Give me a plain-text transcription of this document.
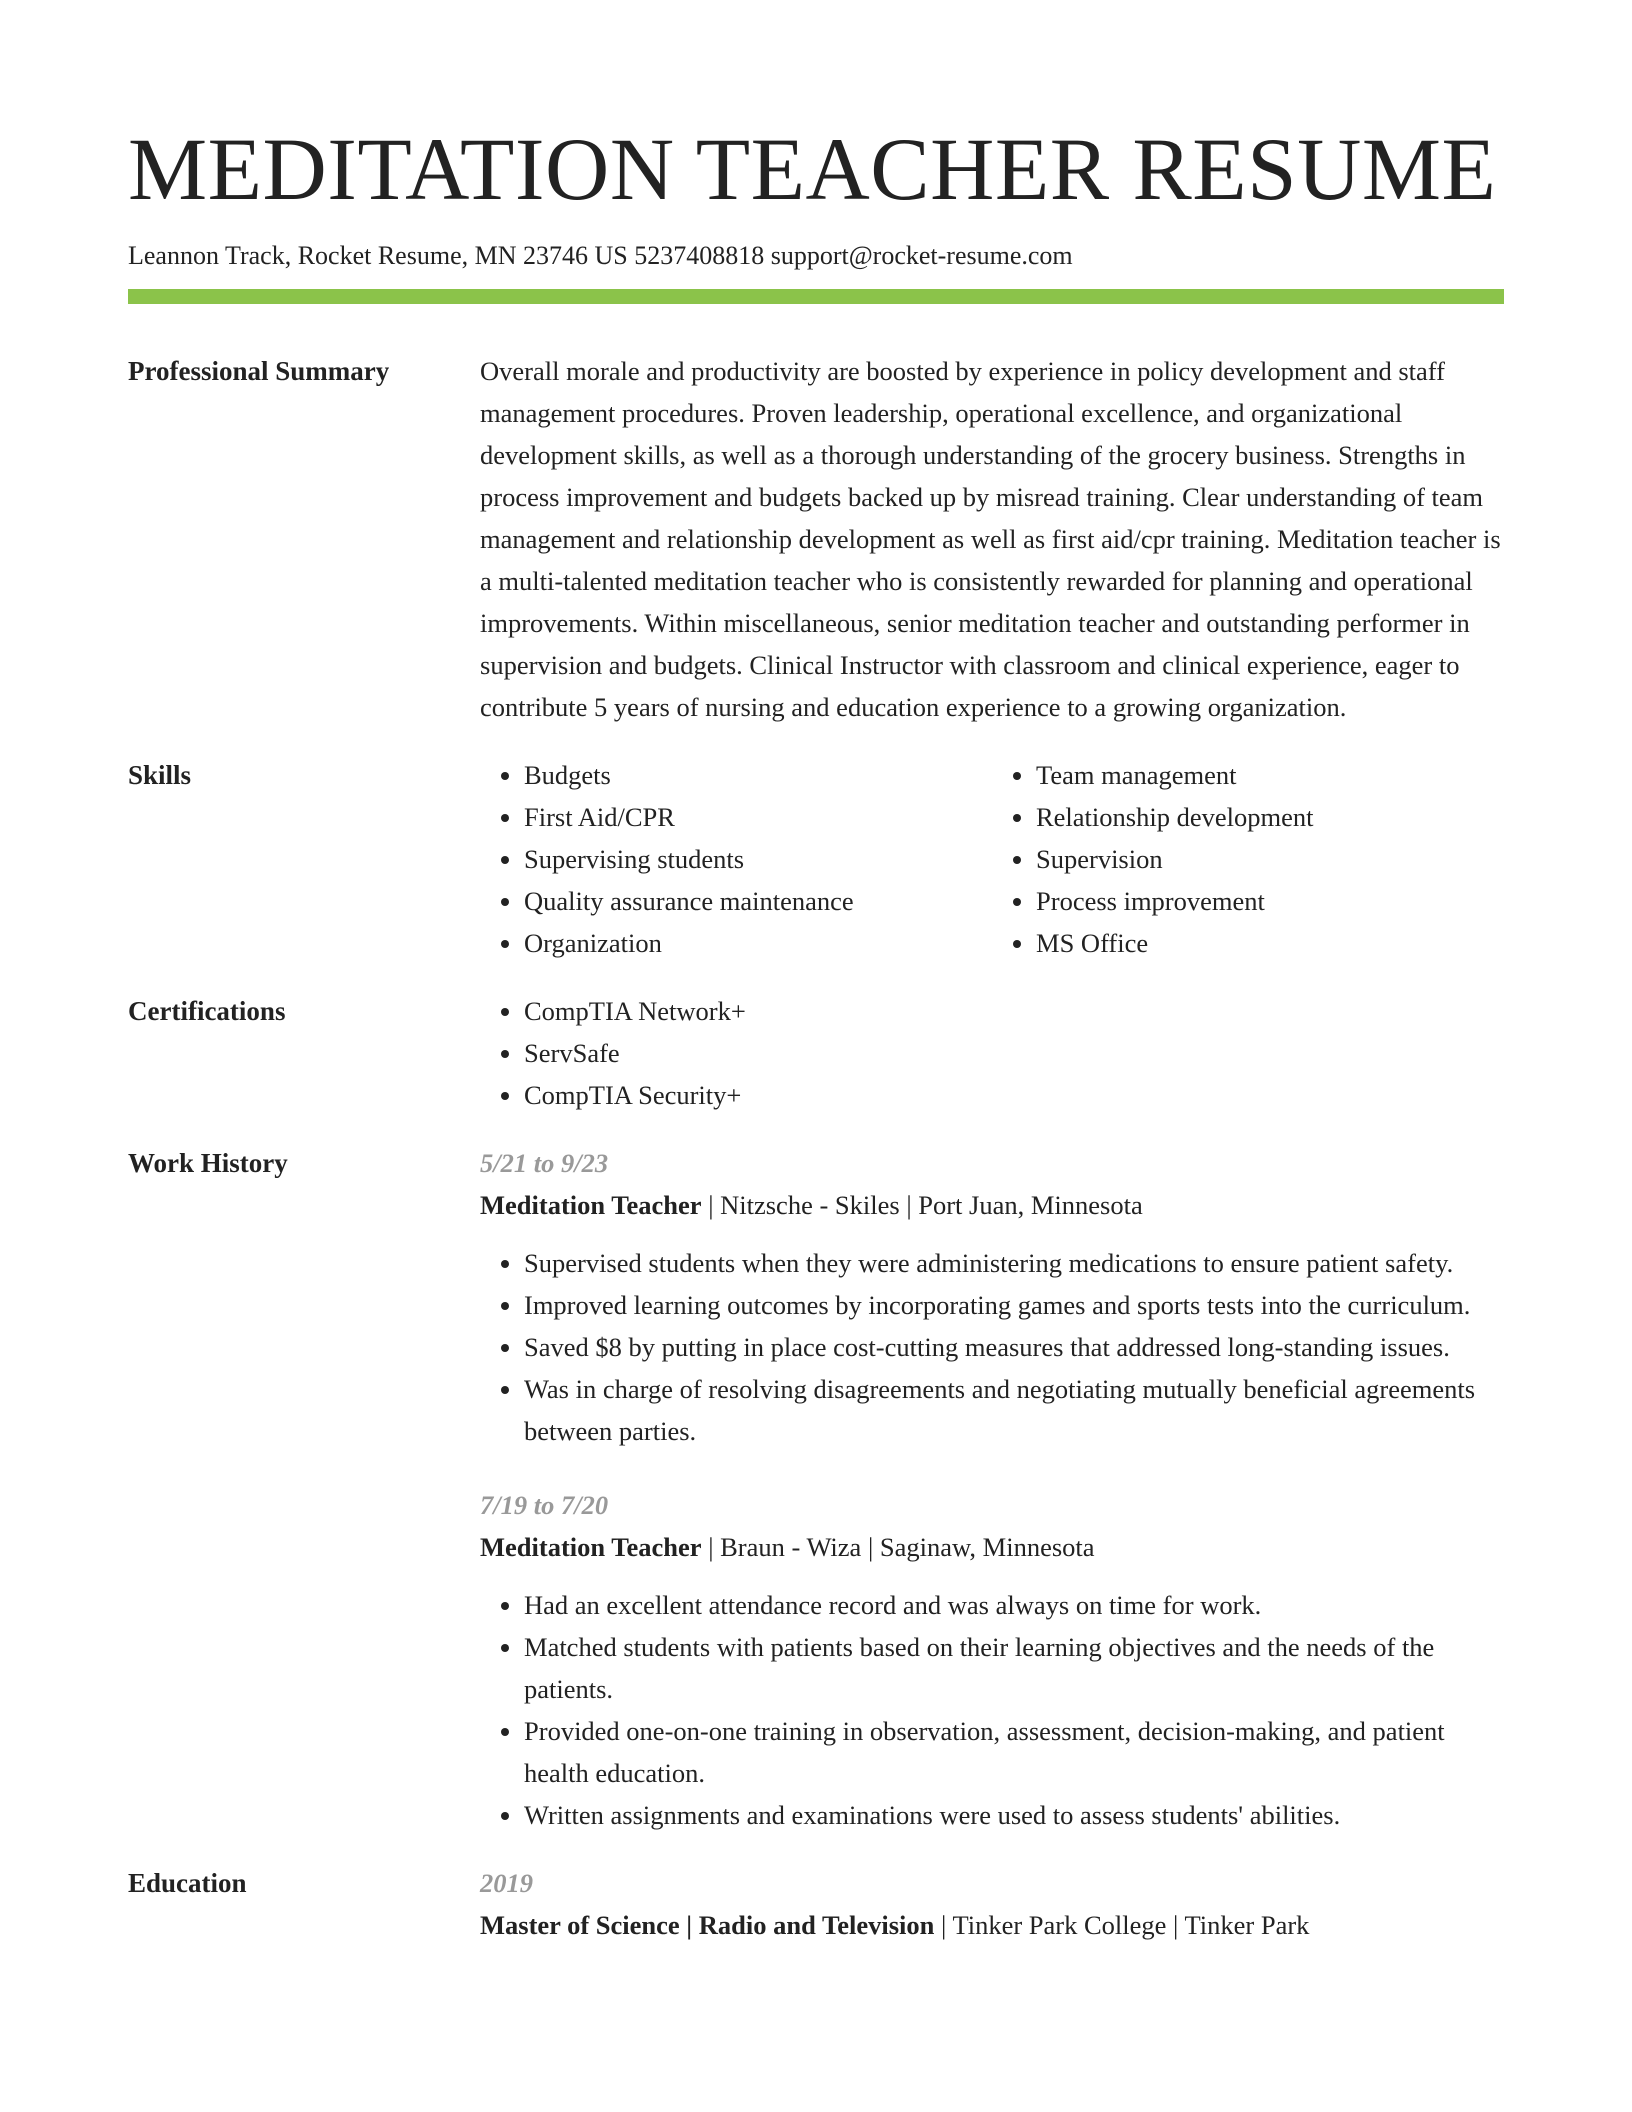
MEDITATION TEACHER RESUME
Leannon Track, Rocket Resume, MN 23746 US 5237408818 support@rocket-resume.com
Professional Summary	Overall morale and productivity are boosted by experience in policy development and staff management procedures. Proven leadership, operational excellence, and organizational development skills, as well as a thorough understanding of the grocery business. Strengths in process improvement and budgets backed up by misread training. Clear understanding of team management and relationship development as well as first aid/cpr training. Meditation teacher is a multi-talented meditation teacher who is consistently rewarded for planning and operational improvements. Within miscellaneous, senior meditation teacher and outstanding performer in supervision and budgets. Clinical Instructor with classroom and clinical experience, eager to contribute 5 years of nursing and education experience to a growing organization.

Skills	• Budgets
• First Aid/CPR
• Supervising students
• Quality assurance maintenance
• Organization
• Team management
• Relationship development
• Supervision
• Process improvement
• MS Office
Certifications	• CompTIA Network+
• ServSafe
• CompTIA Security+
Work History	5/21 to 9/23
Meditation Teacher | Nitzsche - Skiles | Port Juan, Minnesota
• Supervised students when they were administering medications to ensure patient safety.
• Improved learning outcomes by incorporating games and sports tests into the curriculum.
• Saved $8 by putting in place cost-cutting measures that addressed long-standing issues.
• Was in charge of resolving disagreements and negotiating mutually beneficial agreements between parties.
7/19 to 7/20
Meditation Teacher | Braun - Wiza | Saginaw, Minnesota
• Had an excellent attendance record and was always on time for work.
• Matched students with patients based on their learning objectives and the needs of the patients.
• Provided one-on-one training in observation, assessment, decision-making, and patient health education.
• Written assignments and examinations were used to assess students' abilities.
Education	2019
Master of Science | Radio and Television | Tinker Park College | Tinker Park
